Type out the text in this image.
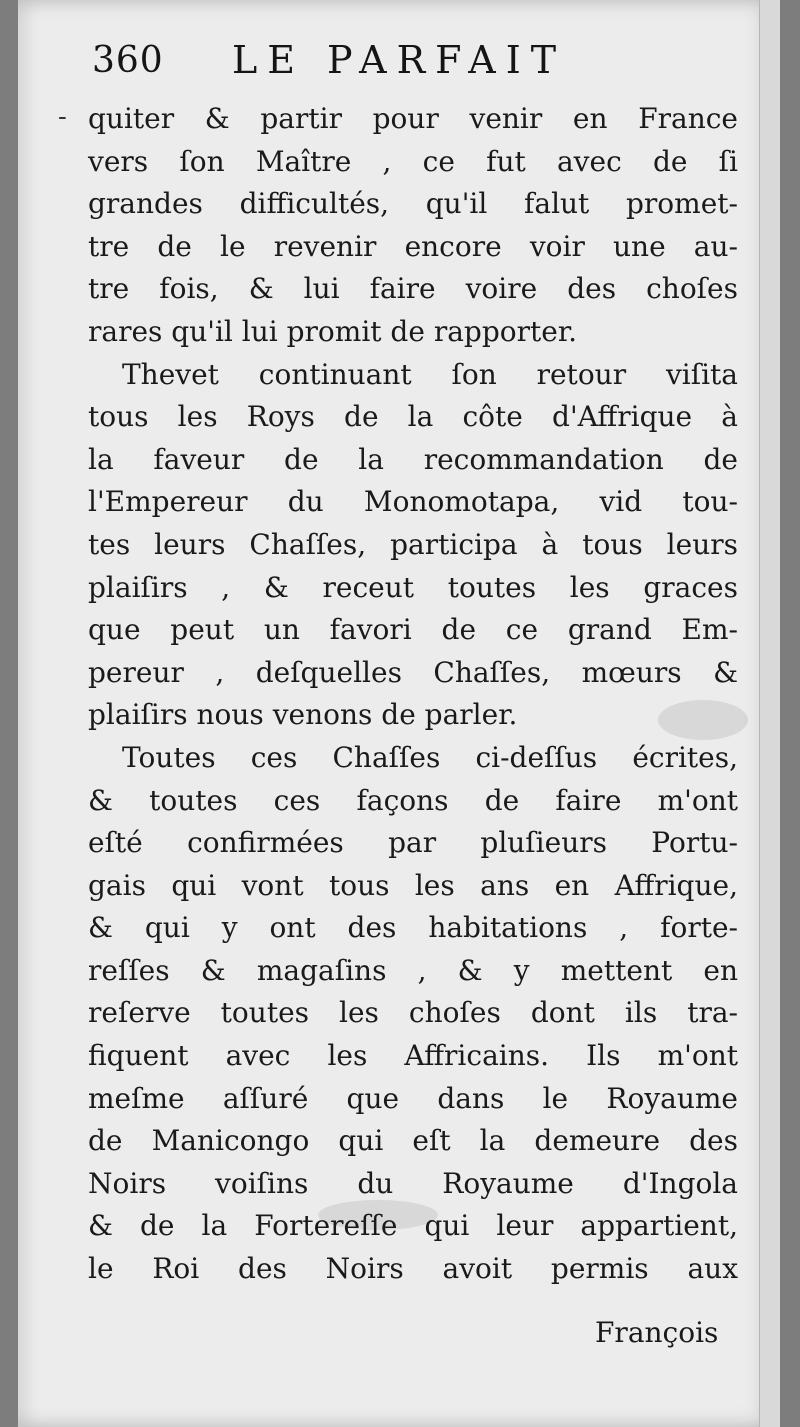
360 LE PARFAIT
- quiter & partir pour venir en France
vers ſon Maître , ce fut avec de ſi
grandes difficultés, qu'il falut promet-
tre de le revenir encore voir une au-
tre fois, & lui faire voire des choſes
rares qu'il lui promit de rapporter.
Thevet continuant ſon retour viſita
tous les Roys de la côte d'Affrique à
la faveur de la recommandation de
l'Empereur du Monomotapa, vid tou-
tes leurs Chaſſes, participa à tous leurs
plaiſirs , & receut toutes les graces
que peut un favori de ce grand Em-
pereur , deſquelles Chaſſes, mœurs &
plaiſirs nous venons de parler.
Toutes ces Chaſſes ci-deſſus écrites,
& toutes ces façons de faire m'ont
eſté confirmées par pluſieurs Portu-
gais qui vont tous les ans en Affrique,
& qui y ont des habitations , forte-
reſſes & magaſins , & y mettent en
reſerve toutes les choſes dont ils tra-
fiquent avec les Affricains. Ils m'ont
meſme aſſuré que dans le Royaume
de Manicongo qui eſt la demeure des
Noirs voiſins du Royaume d'Ingola
& de la Fortereſſe qui leur appartient,
le Roi des Noirs avoit permis aux
François
